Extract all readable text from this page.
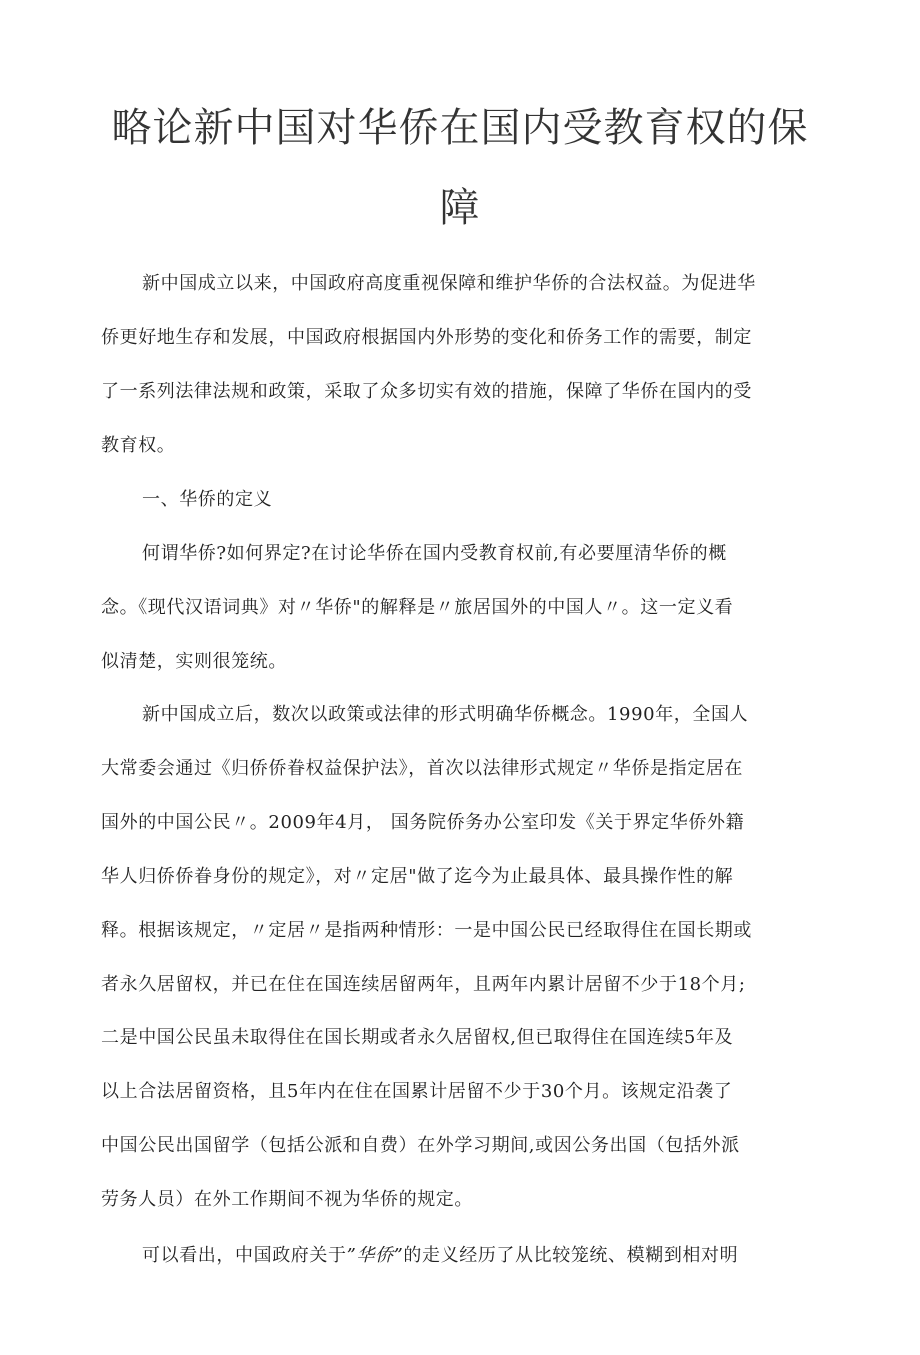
略论新中国对华侨在国内受教育权的保
障
新中国成立以来，中国政府高度重视保障和维护华侨的合法权益。为促进华
侨更好地生存和发展，中国政府根据国内外形势的变化和侨务工作的需要，制定
了一系列法律法规和政策，采取了众多切实有效的措施，保障了华侨在国内的受
教育权。
一、华侨的定义
何谓华侨?如何界定?在讨论华侨在国内受教育权前,有必要厘清华侨的概
念。《现代汉语词典》对〃华侨"的解释是〃旅居国外的中国人〃。这一定义看
似清楚，实则很笼统。
新中国成立后，数次以政策或法律的形式明确华侨概念。1990年，全国人
大常委会通过《归侨侨眷权益保护法》，首次以法律形式规定〃华侨是指定居在
国外的中国公民〃。2009年4月， 国务院侨务办公室印发《关于界定华侨外籍
华人归侨侨眷身份的规定》，对〃定居"做了迄今为止最具体、最具操作性的解
释。根据该规定，〃定居〃是指两种情形：一是中国公民已经取得住在国长期或
者永久居留权，并已在住在国连续居留两年，且两年内累计居留不少于18个月;
二是中国公民虽未取得住在国长期或者永久居留权,但已取得住在国连续5年及
以上合法居留资格，且5年内在住在国累计居留不少于30个月。该规定沿袭了
中国公民出国留学（包括公派和自费）在外学习期间,或因公务出国（包括外派
劳务人员）在外工作期间不视为华侨的规定。
可以看出，中国政府关于”华侨”的走义经历了从比较笼统、模糊到相对明
